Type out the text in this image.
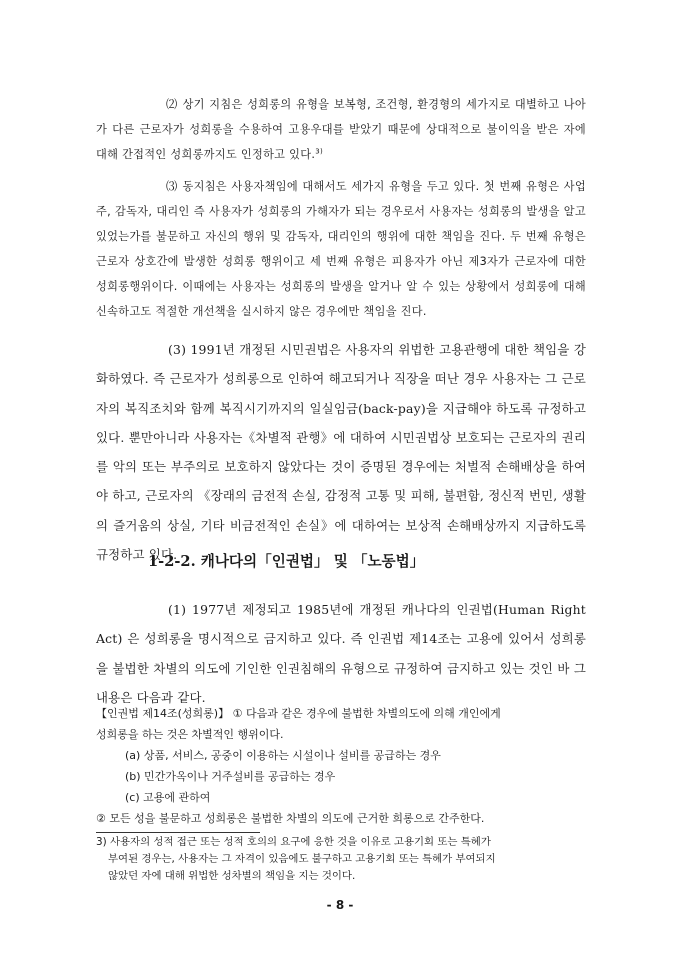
⑵ 상기 지침은 성희롱의 유형을 보복형, 조건형, 환경형의 세가지로 대별하고 나아가 다른 근로자가 성희롱을 수용하여 고용우대를 받았기 때문에 상대적으로 불이익을 받은 자에 대해 간접적인 성희롱까지도 인정하고 있다.$^{3)}$

⑶ 동지침은 사용자책임에 대해서도 세가지 유형을 두고 있다. 첫 번째 유형은 사업주, 감독자, 대리인 즉 사용자가 성희롱의 가해자가 되는 경우로서 사용자는 성희롱의 발생을 알고 있었는가를 불문하고 자신의 행위 및 감독자, 대리인의 행위에 대한 책임을 진다. 두 번째 유형은 근로자 상호간에 발생한 성희롱 행위이고 세 번째 유형은 피용자가 아닌 제3자가 근로자에 대한 성희롱행위이다. 이때에는 사용자는 성희롱의 발생을 알거나 알 수 있는 상황에서 성희롱에 대해 신속하고도 적절한 개선책을 실시하지 않은 경우에만 책임을 진다.

(3) 1991년 개정된 시민권법은 사용자의 위법한 고용관행에 대한 책임을 강화하였다. 즉 근로자가 성희롱으로 인하여 해고되거나 직장을 떠난 경우 사용자는 그 근로자의 복직조치와 함께 복직시기까지의 일실임금(back-pay)을 지급해야 하도록 규정하고 있다. 뿐만아니라 사용자는《차별적 관행》에 대하여 시민권법상 보호되는 근로자의 권리를 악의 또는 부주의로 보호하지 않았다는 것이 증명된 경우에는 처벌적 손해배상을 하여야 하고, 근로자의 《장래의 금전적 손실, 감정적 고통 및 피해, 불편함, 정신적 번민, 생활의 즐거움의 상실, 기타 비금전적인 손실》에 대하여는 보상적 손해배상까지 지급하도록 규정하고 있다.

1-2-2. 캐나다의「인권법」 및 「노동법」

(1) 1977년 제정되고 1985년에 개정된 캐나다의 인권법(Human Right Act) 은 성희롱을 명시적으로 금지하고 있다. 즉 인권법 제14조는 고용에 있어서 성희롱을 불법한 차별의 의도에 기인한 인권침해의 유형으로 규정하여 금지하고 있는 것인 바 그 내용은 다음과 같다.

【인권법 제14조(성희롱)】 ① 다음과 같은 경우에 불법한 차별의도에 의해 개인에게
성희롱을 하는 것은 차별적인 행위이다.
(a) 상품, 서비스, 공중이 이용하는 시설이나 설비를 공급하는 경우
(b) 민간가옥이나 거주설비를 공급하는 경우
(c) 고용에 관하여
② 모든 성을 불문하고 성희롱은 불법한 차별의 의도에 근거한 희롱으로 간주한다.
3) 사용자의 성적 접근 또는 성적 호의의 요구에 응한 것을 이유로 고용기회 또는 특혜가
부여된 경우는, 사용자는 그 자격이 있음에도 불구하고 고용기회 또는 특혜가 부여되지
않았던 자에 대해 위법한 성차별의 책임을 지는 것이다.
- 8 -
